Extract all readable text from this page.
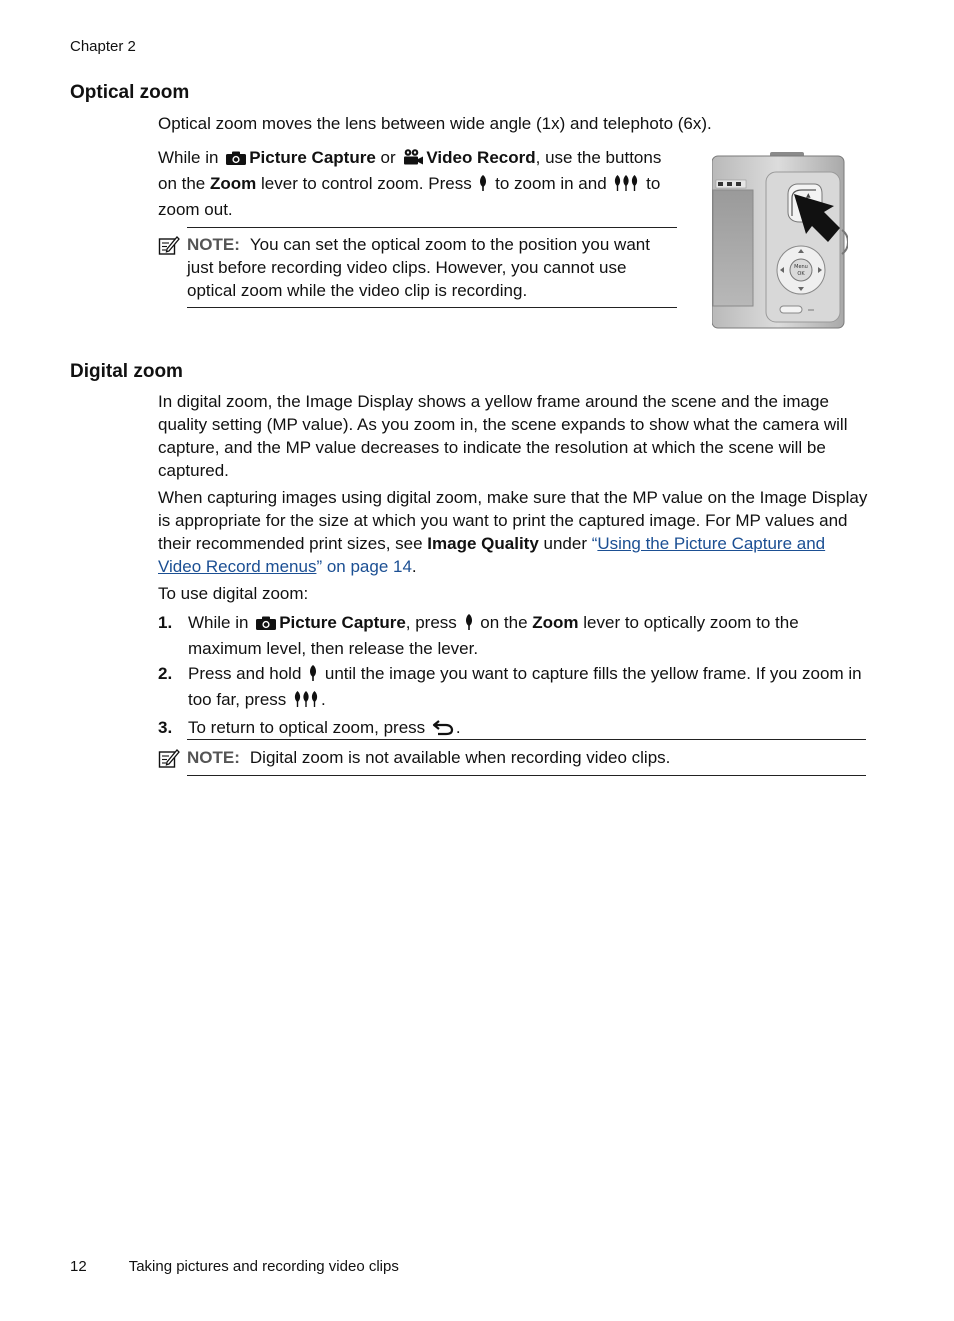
Chapter 2
Optical zoom

Optical zoom moves the lens between wide angle (1x) and telephoto (6x).

While in Picture Capture or Video Record, use the buttons on the Zoom lever to control zoom. Press  to zoom in and  to zoom out.

NOTE: You can set the optical zoom to the position you want just before recording video clips. However, you cannot use optical zoom while the video clip is recording.

▲
Menu
OK
Digital zoom

In digital zoom, the Image Display shows a yellow frame around the scene and the image quality setting (MP value). As you zoom in, the scene expands to show what the camera will capture, and the MP value decreases to indicate the resolution at which the scene will be captured.

When capturing images using digital zoom, make sure that the MP value on the Image Display is appropriate for the size at which you want to print the captured image. For MP values and their recommended print sizes, see Image Quality under “Using the Picture Capture and Video Record menus” on page 14.

To use digital zoom:

1. While in Picture Capture, press  on the Zoom lever to optically zoom to the maximum level, then release the lever.
2. Press and hold  until the image you want to capture fills the yellow frame. If you zoom in too far, press .
3. To return to optical zoom, press .

NOTE: Digital zoom is not available when recording video clips.

12	Taking pictures and recording video clips
